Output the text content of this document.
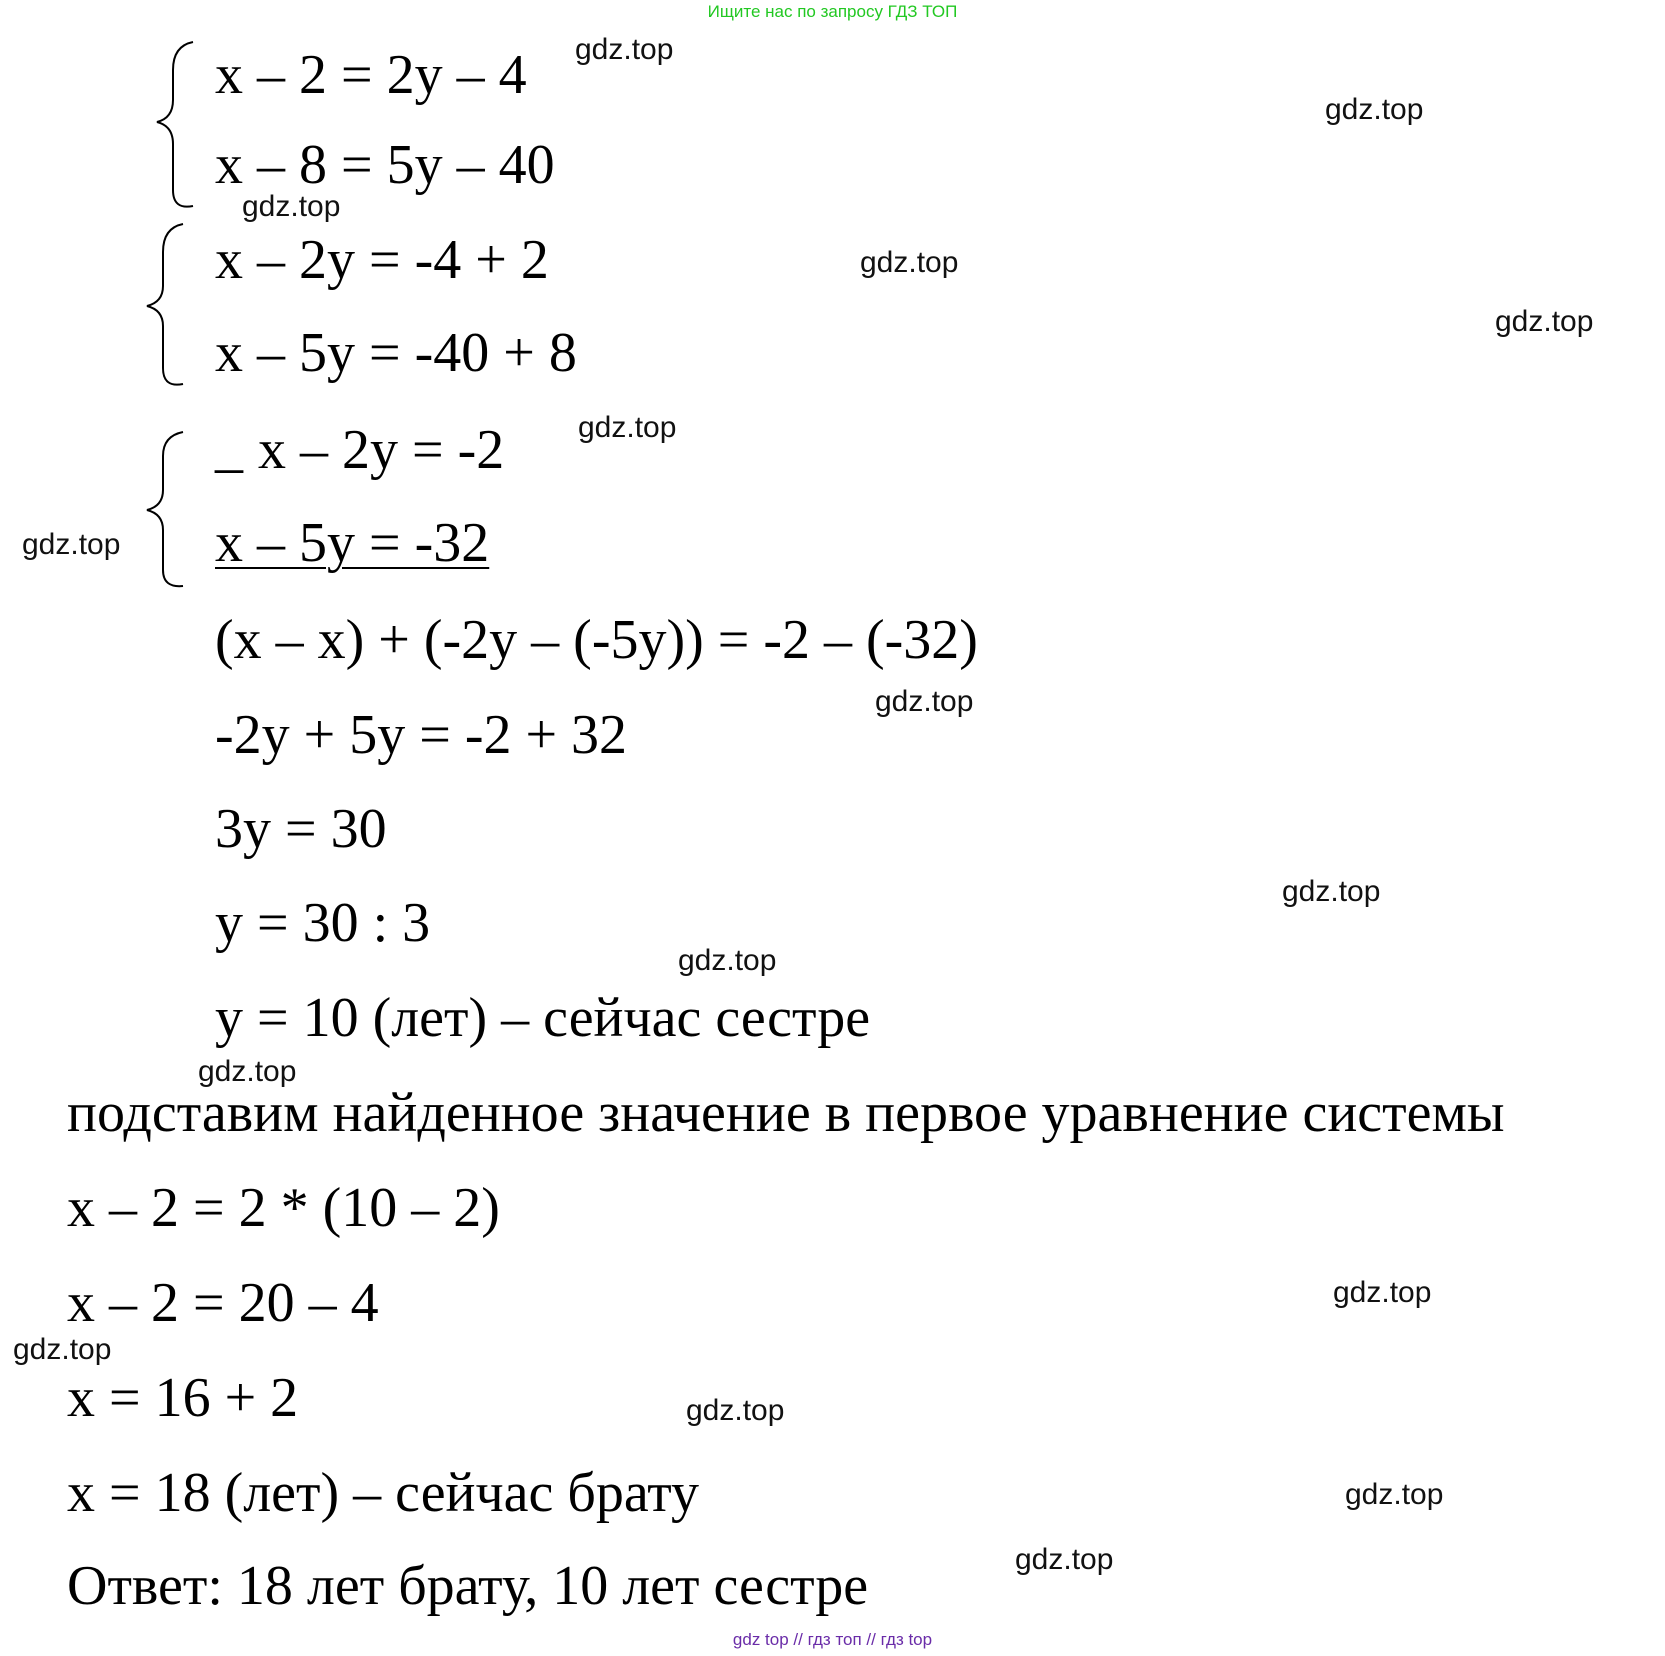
Ищите нас по запросу ГДЗ ТОП
x – 2 = 2y – 4
x – 8 = 5y – 40
x – 2y = -4 + 2
x – 5y = -40 + 8
_ x – 2y = -2
x – 5y = -32
(x – x) + (-2y – (-5y)) = -2 – (-32)
-2y + 5y = -2 + 32
3y = 30
y = 30 : 3
y = 10 (лет) – сейчас сестре
подставим найденное значение в первое уравнение системы
x – 2 = 2 * (10 – 2)
x – 2 = 20 – 4
x = 16 + 2
x = 18 (лет) – сейчас брату
Ответ: 18 лет брату, 10 лет сестре
gdz.top
gdz.top
gdz.top
gdz.top
gdz.top
gdz.top
gdz.top
gdz.top
gdz.top
gdz.top
gdz.top
gdz.top
gdz.top
gdz.top
gdz.top
gdz.top
gdz top // гдз топ // гдз top
